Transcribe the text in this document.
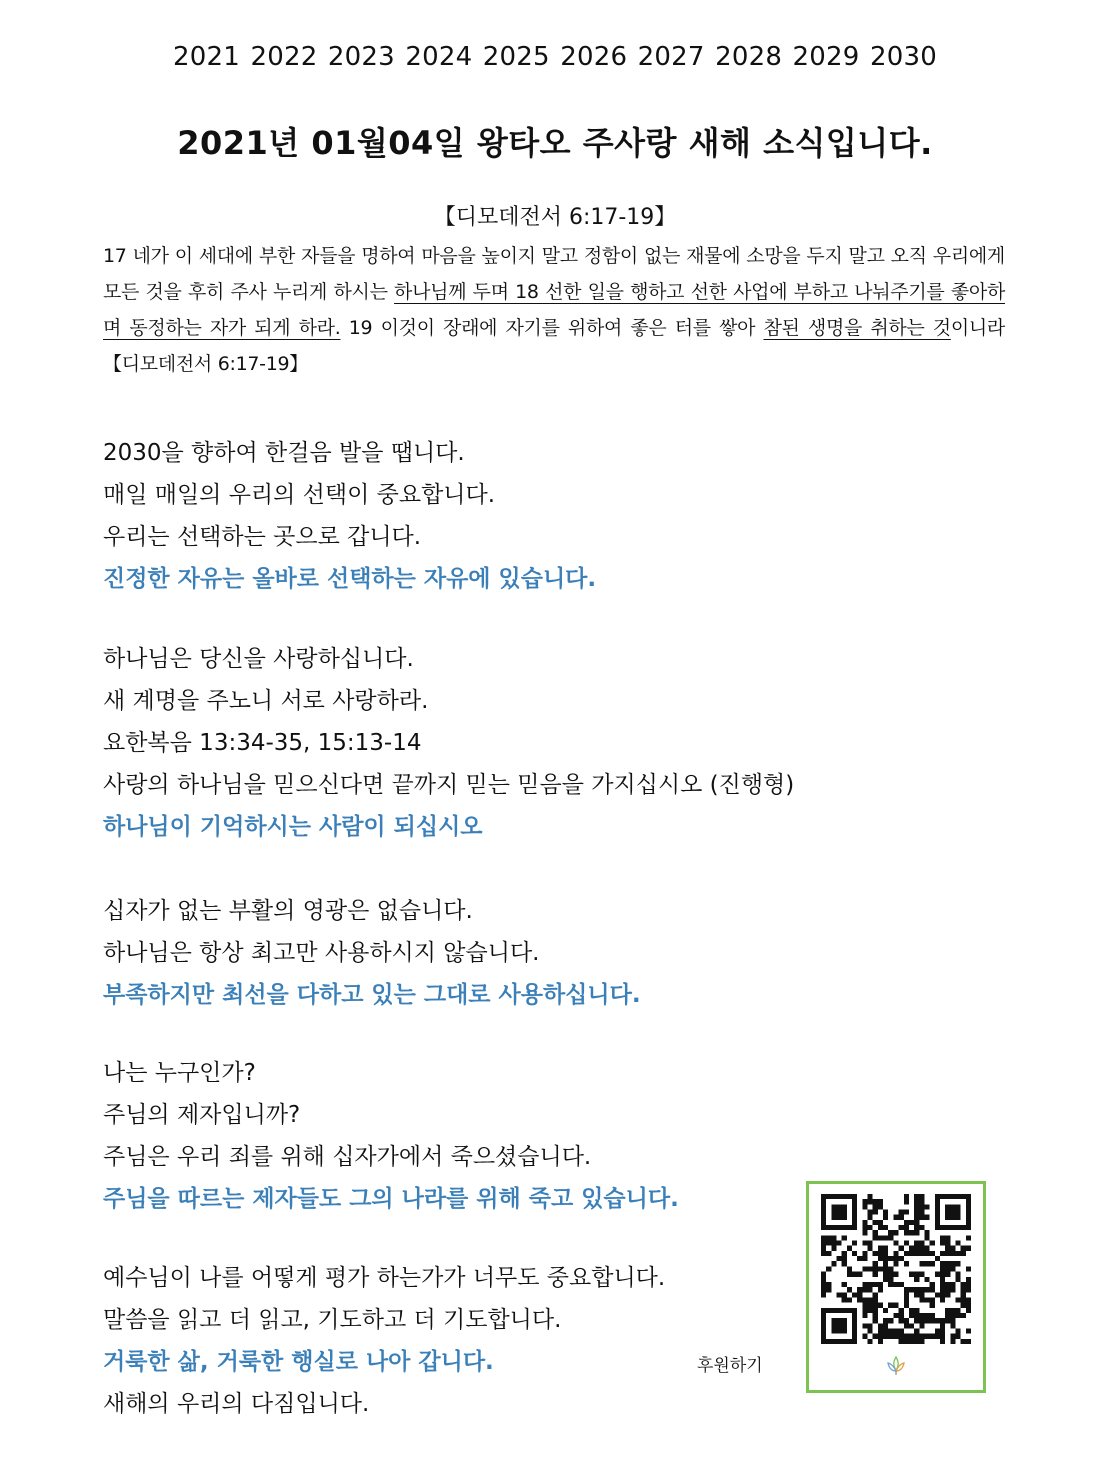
2021 2022 2023 2024 2025 2026 2027 2028 2029 2030
2021년 01월04일 왕타오 주사랑 새해 소식입니다.
【디모데전서 6:17-19】
17 네가 이 세대에 부한 자들을 명하여 마음을 높이지 말고 정함이 없는 재물에 소망을 두지 말고 오직 우리에게 모든 것을 후히 주사 누리게 하시는 하나님께 두며 18 선한 일을 행하고 선한 사업에 부하고 나눠주기를 좋아하며 동정하는 자가 되게 하라. 19 이것이 장래에 자기를 위하여 좋은 터를 쌓아 참된 생명을 취하는 것이니라 【디모데전서 6:17-19】
2030을 향하여 한걸음 발을 땝니다.
매일 매일의 우리의 선택이 중요합니다.
우리는 선택하는 곳으로 갑니다.
진정한 자유는 올바로 선택하는 자유에 있습니다.
하나님은 당신을 사랑하십니다.
새 계명을 주노니 서로 사랑하라.
요한복음 13:34-35, 15:13-14
사랑의 하나님을 믿으신다면 끝까지 믿는 믿음을 가지십시오 (진행형)
하나님이 기억하시는 사람이 되십시오
십자가 없는 부활의 영광은 없습니다.
하나님은 항상 최고만 사용하시지 않습니다.
부족하지만 최선을 다하고 있는 그대로 사용하십니다.
나는 누구인가?
주님의 제자입니까?
주님은 우리 죄를 위해 십자가에서 죽으셨습니다.
주님을 따르는 제자들도 그의 나라를 위해 죽고 있습니다.
예수님이 나를 어떻게 평가 하는가가 너무도 중요합니다.
말씀을 읽고 더 읽고, 기도하고 더 기도합니다.
거룩한 삶, 거룩한 행실로 나아 갑니다.
새해의 우리의 다짐입니다.
후원하기
